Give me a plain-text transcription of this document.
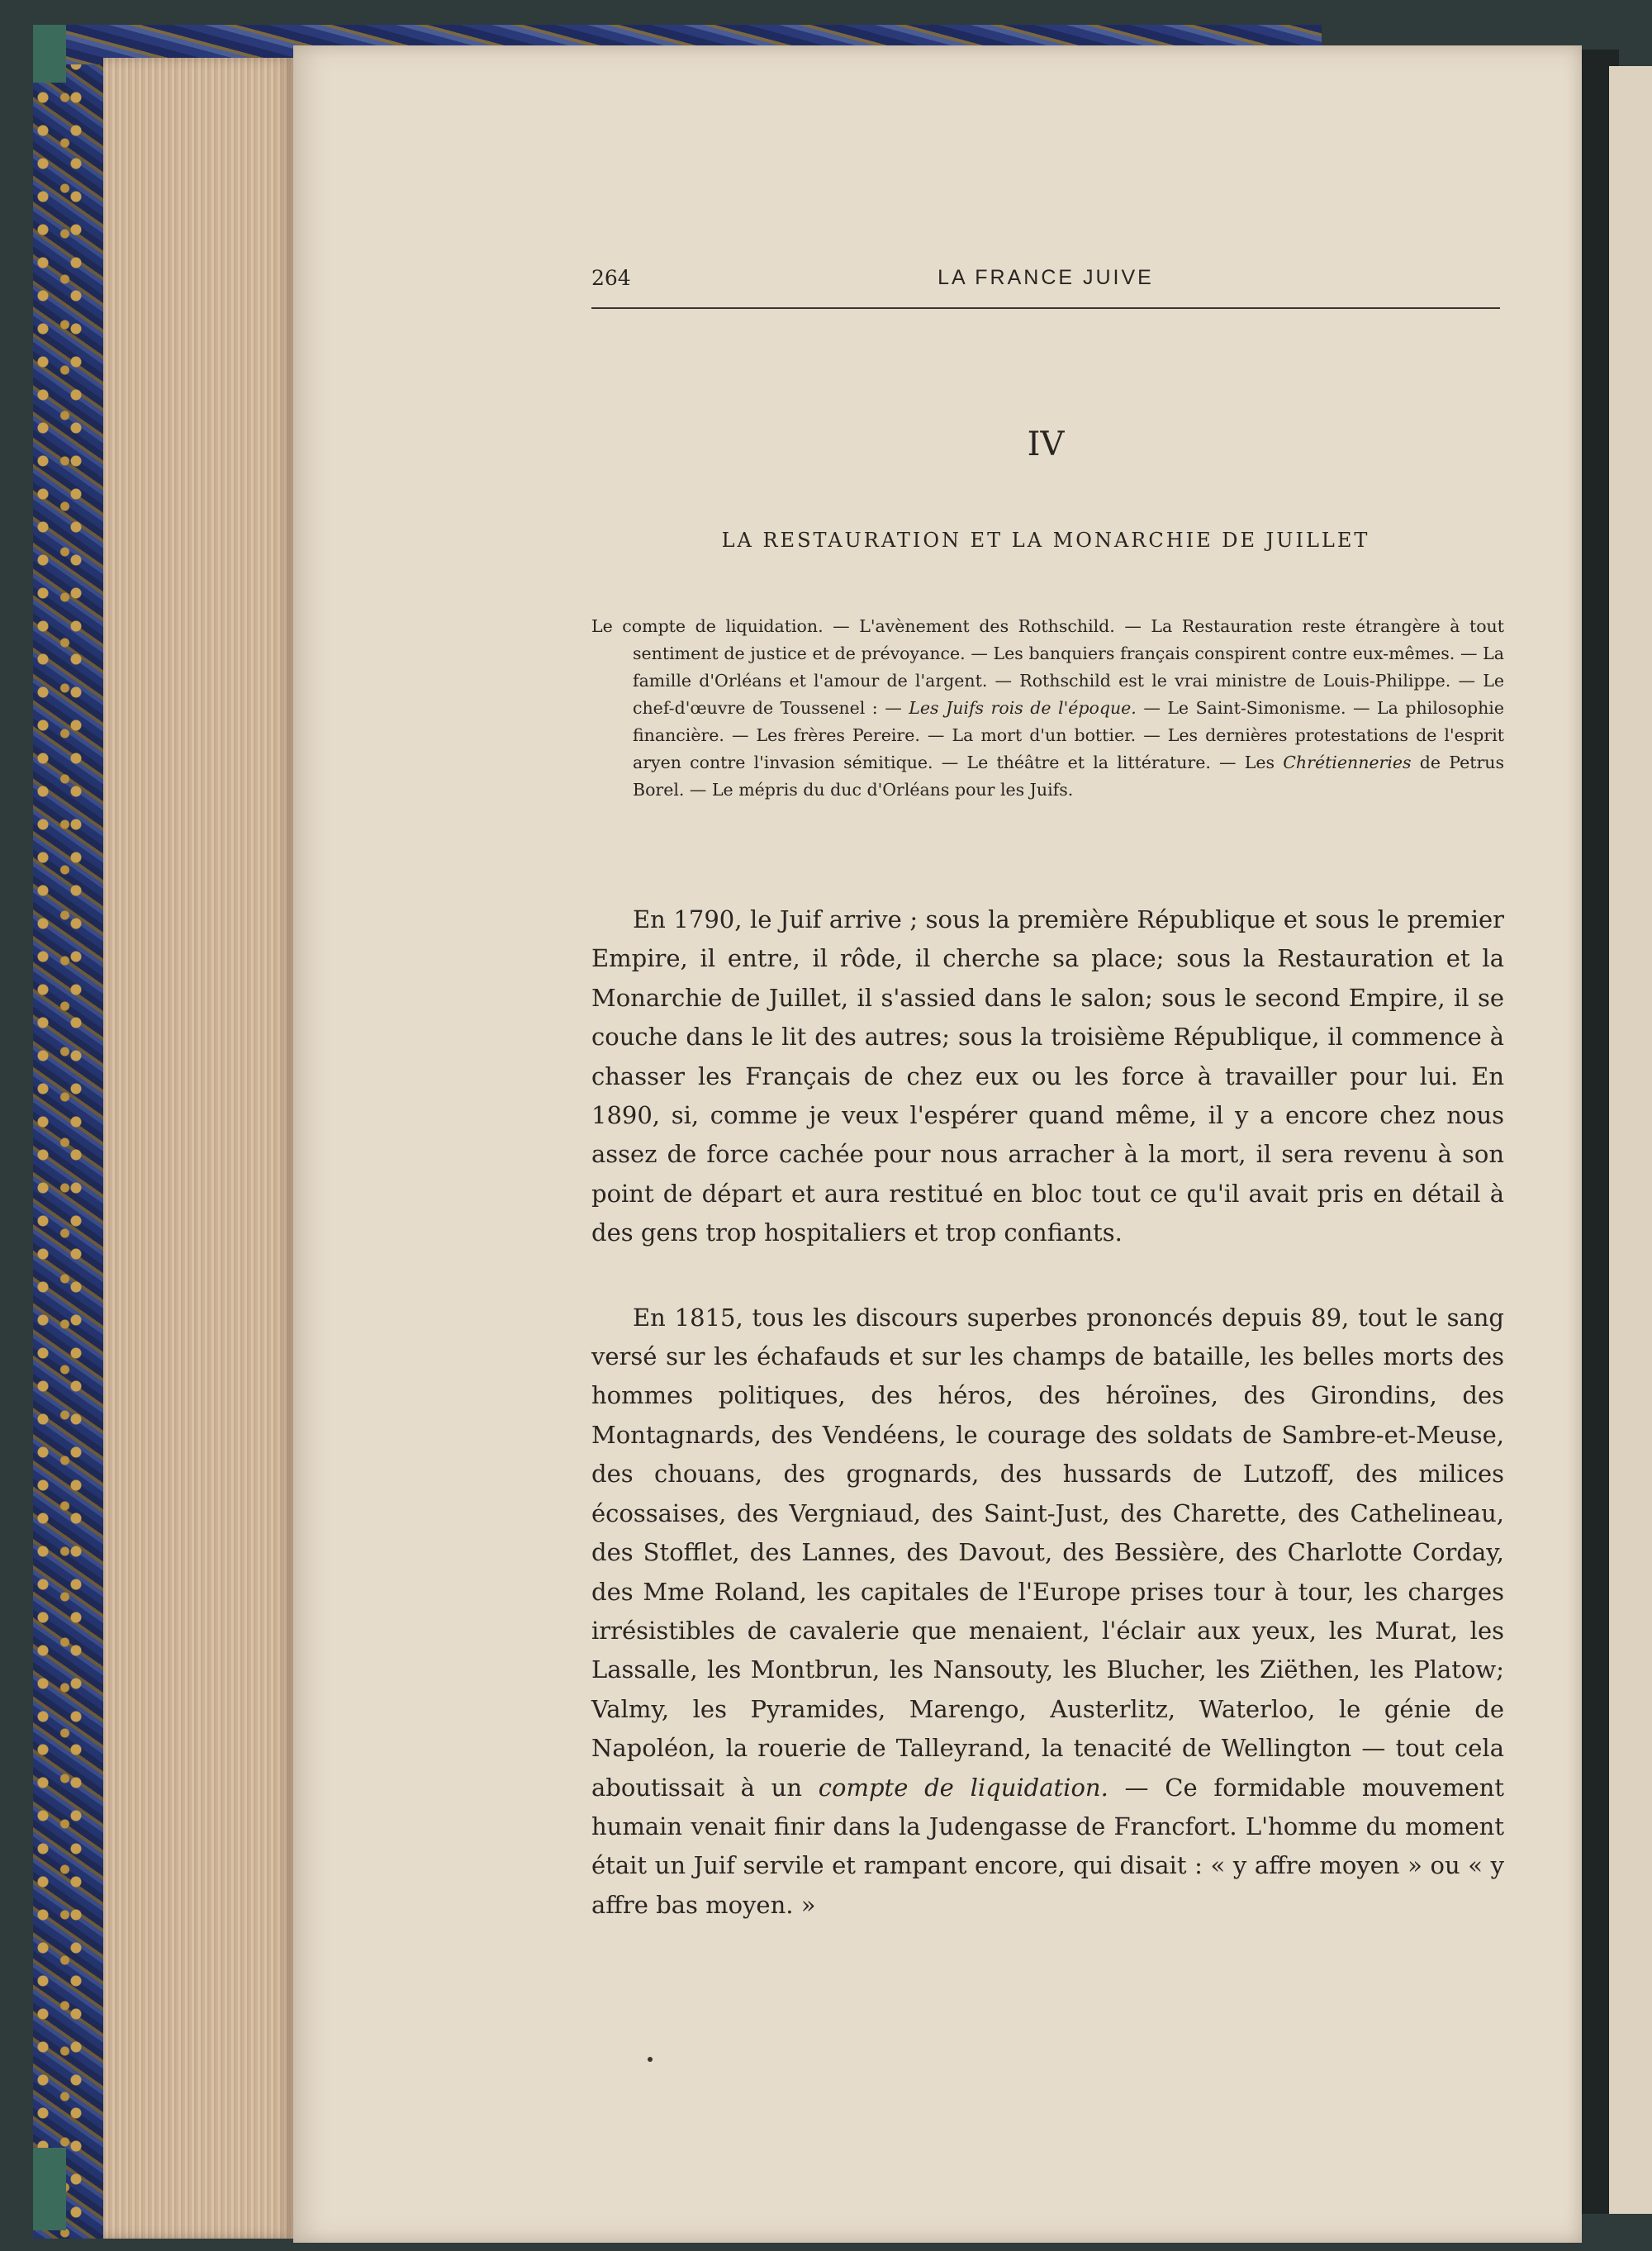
264	LA FRANCE JUIVE
IV
LA RESTAURATION ET LA MONARCHIE DE JUILLET

Le compte de liquidation. — L'avènement des Rothschild. — La Restauration reste étrangère à tout sentiment de justice et de prévoyance. — Les banquiers français conspirent contre eux-mêmes. — La famille d'Orléans et l'amour de l'argent. — Rothschild est le vrai ministre de Louis-Philippe. — Le chef-d'œuvre de Toussenel : — Les Juifs rois de l'époque. — Le Saint-Simonisme. — La philosophie financière. — Les frères Pereire. — La mort d'un bottier. — Les dernières protestations de l'esprit aryen contre l'invasion sémitique. — Le théâtre et la littérature. — Les Chrétienneries de Petrus Borel. — Le mépris du duc d'Orléans pour les Juifs.

En 1790, le Juif arrive ; sous la première République et sous le premier Empire, il entre, il rôde, il cherche sa place; sous la Restauration et la Monarchie de Juillet, il s'assied dans le salon; sous le second Empire, il se couche dans le lit des autres; sous la troisième République, il commence à chasser les Français de chez eux ou les force à travailler pour lui. En 1890, si, comme je veux l'espérer quand même, il y a encore chez nous assez de force cachée pour nous arracher à la mort, il sera revenu à son point de départ et aura restitué en bloc tout ce qu'il avait pris en détail à des gens trop hospitaliers et trop confiants.

En 1815, tous les discours superbes prononcés depuis 89, tout le sang versé sur les échafauds et sur les champs de bataille, les belles morts des hommes politiques, des héros, des héroïnes, des Girondins, des Montagnards, des Vendéens, le courage des soldats de Sambre-et-Meuse, des chouans, des grognards, des hussards de Lutzoff, des milices écossaises, des Vergniaud, des Saint-Just, des Charette, des Cathelineau, des Stofflet, des Lannes, des Davout, des Bessière, des Charlotte Corday, des Mme Roland, les capitales de l'Europe prises tour à tour, les charges irrésistibles de cavalerie que menaient, l'éclair aux yeux, les Murat, les Lassalle, les Montbrun, les Nansouty, les Blucher, les Ziëthen, les Platow; Valmy, les Pyramides, Marengo, Austerlitz, Waterloo, le génie de Napoléon, la rouerie de Talleyrand, la tenacité de Wellington — tout cela aboutissait à un compte de liquidation. — Ce formidable mouvement humain venait finir dans la Judengasse de Francfort. L'homme du moment était un Juif servile et rampant encore, qui disait : « y affre moyen » ou « y affre bas moyen. »
